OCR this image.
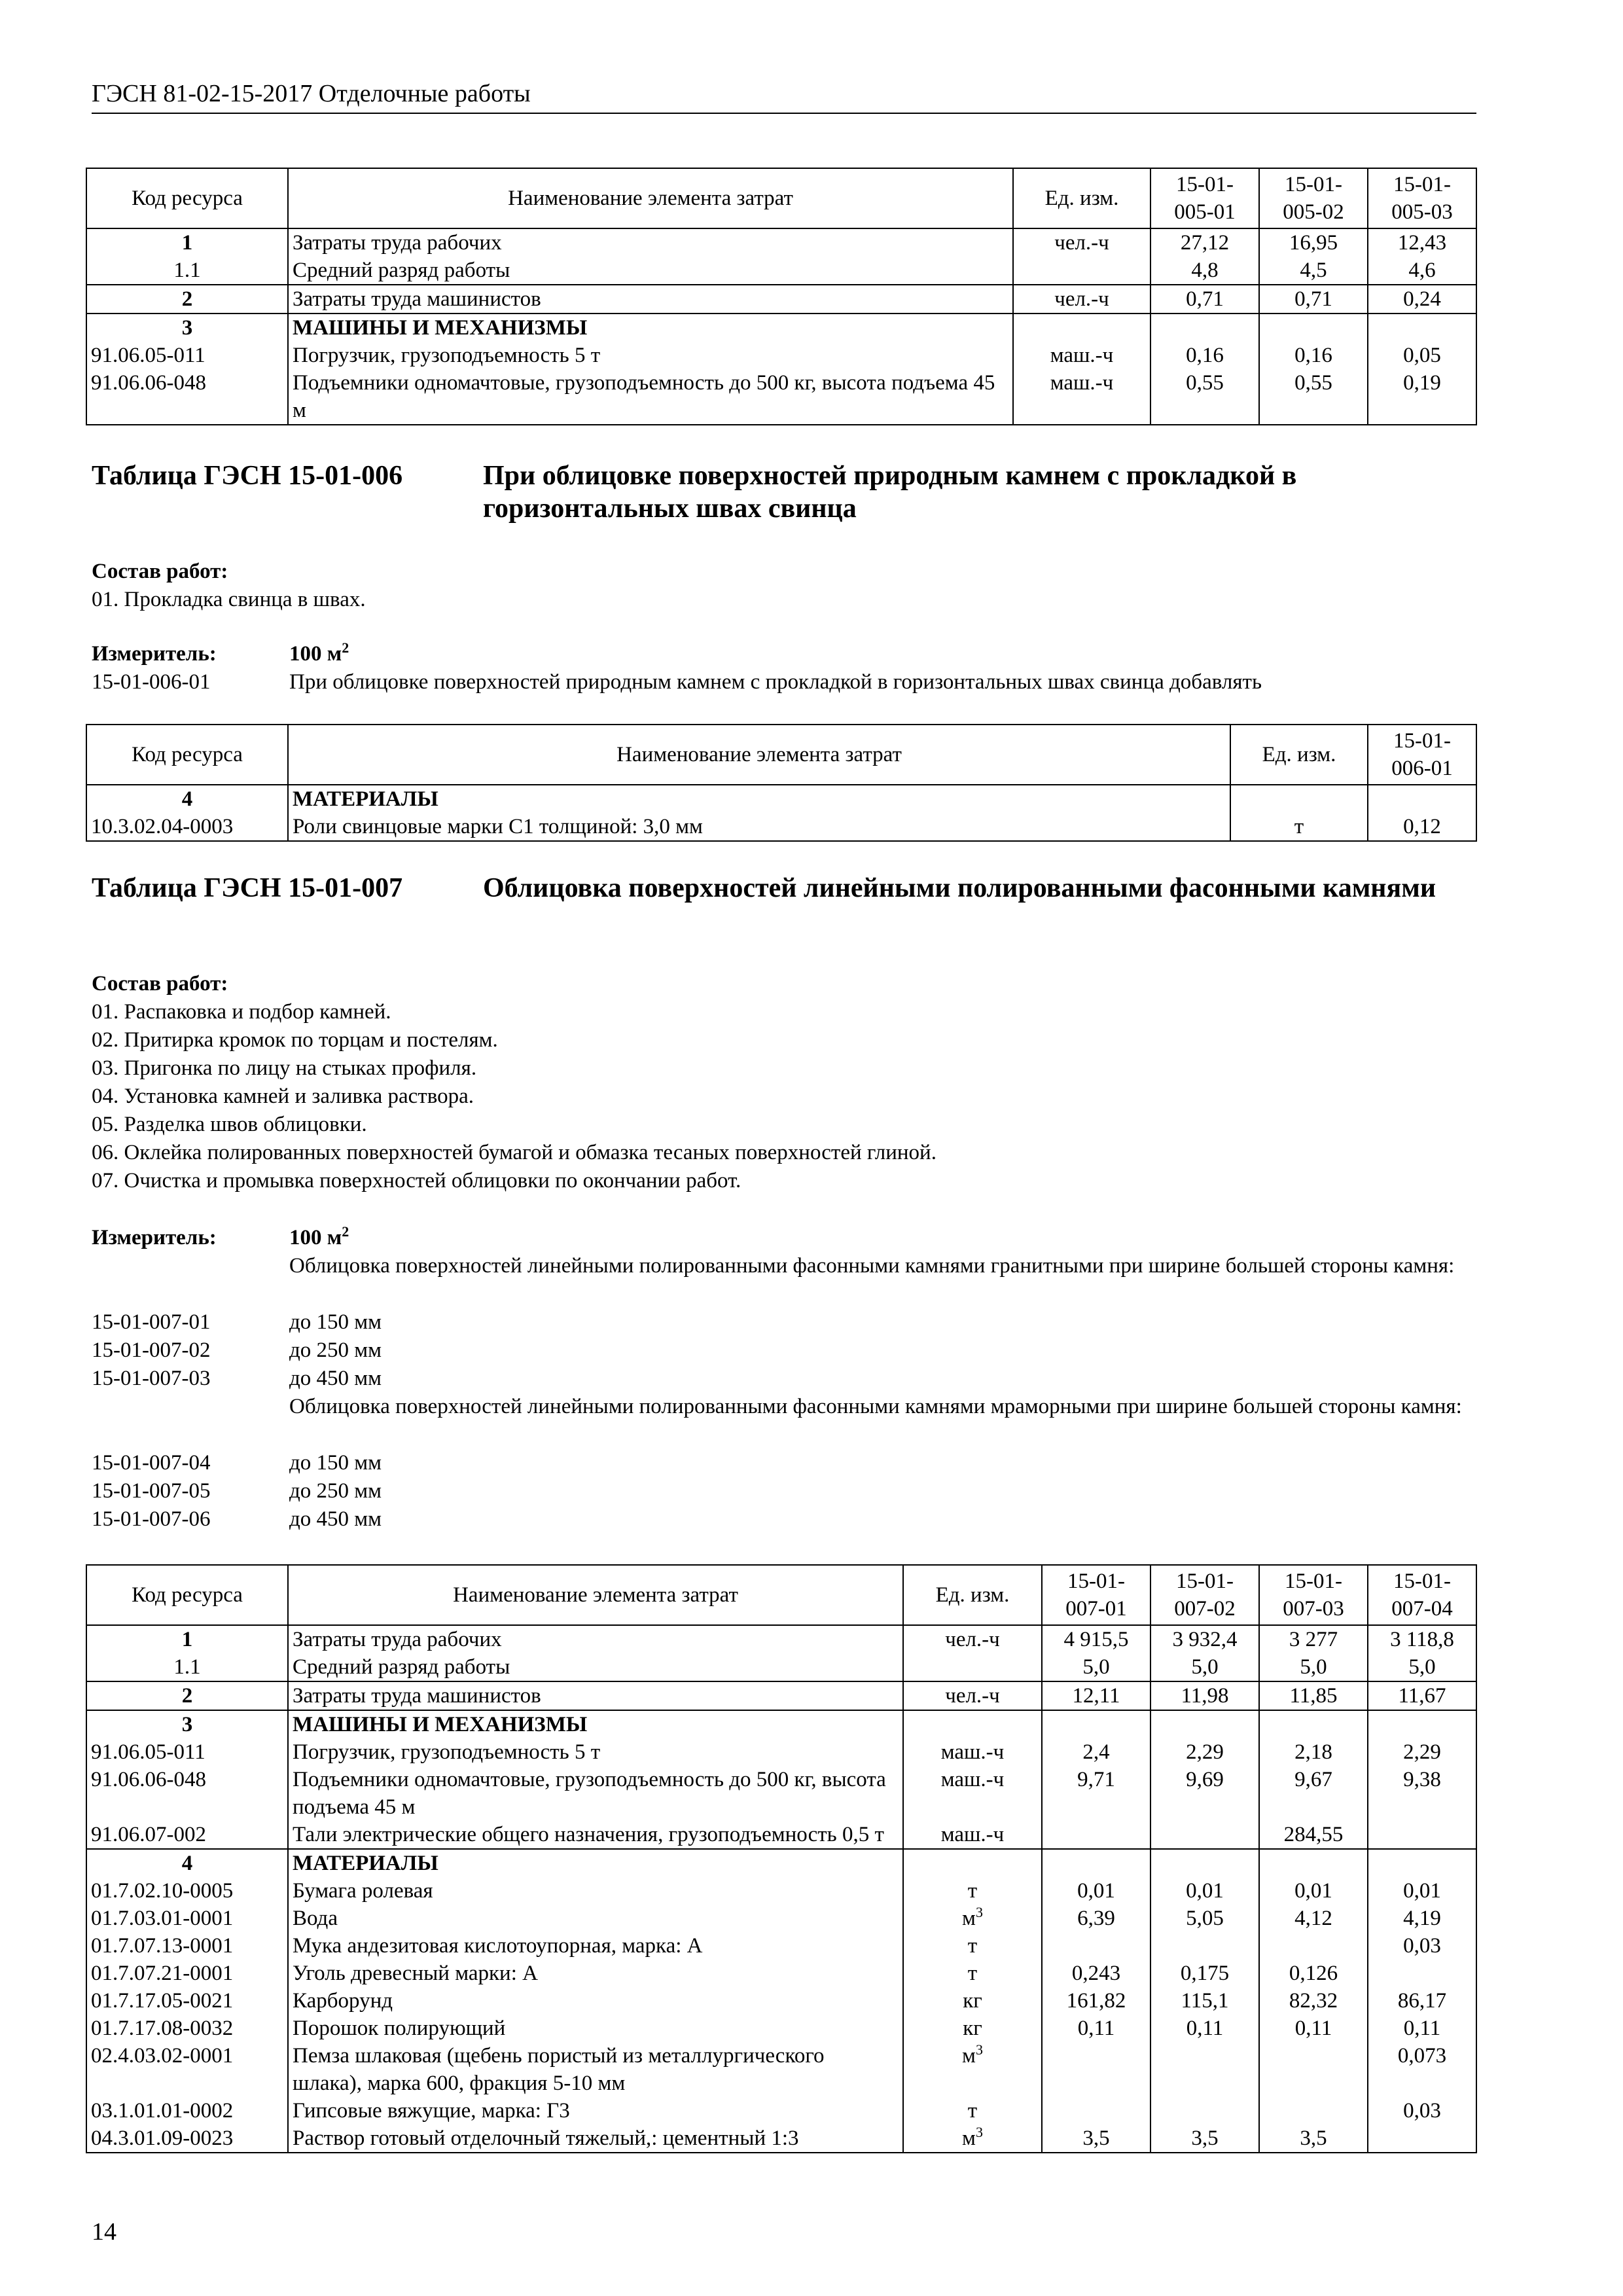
ГЭСН 81-02-15-2017 Отделочные работы
Код ресурса	Наименование элемента затрат	Ед. изм.	15-01-005-01	15-01-005-02	15-01-005-03

1	Затраты труда рабочих	чел.-ч	27,12	16,95	12,43
1.1	Средний разряд работы		4,8	4,5	4,6
2	Затраты труда машинистов	чел.-ч	0,71	0,71	0,24
3	МАШИНЫ И МЕХАНИЗМЫ				
91.06.05-011	Погрузчик, грузоподъемность 5 т	маш.-ч	0,16	0,16	0,05
91.06.06-048	Подъемники одномачтовые, грузоподъемность до 500 кг, высота подъема 45 м	маш.-ч	0,55	0,55	0,19
Таблица ГЭСН 15-01-006	При облицовке поверхностей природным камнем с прокладкой в горизонтальных швах свинца
Состав работ:
01. Прокладка свинца в швах.
Измеритель:	100 $м^2$
15-01-006-01	При облицовке поверхностей природным камнем с прокладкой в горизонтальных швах свинца добавлять
Код ресурса	Наименование элемента затрат	Ед. изм.	15-01-006-01

4	МАТЕРИАЛЫ		
10.3.02.04-0003	Роли свинцовые марки С1 толщиной: 3,0 мм	т	0,12
Таблица ГЭСН 15-01-007	Облицовка поверхностей линейными полированными фасонными камнями
Состав работ:
01. Распаковка и подбор камней.
02. Притирка кромок по торцам и постелям.
03. Пригонка по лицу на стыках профиля.
04. Установка камней и заливка раствора.
05. Разделка швов облицовки.
06. Оклейка полированных поверхностей бумагой и обмазка тесаных поверхностей глиной.
07. Очистка и промывка поверхностей облицовки по окончании работ.
Измеритель:	100 $м^2$
Облицовка поверхностей линейными полированными фасонными камнями гранитными при ширине большей стороны камня:
15-01-007-01	до 150 мм
15-01-007-02	до 250 мм
15-01-007-03	до 450 мм
Облицовка поверхностей линейными полированными фасонными камнями мраморными при ширине большей стороны камня:
15-01-007-04	до 150 мм
15-01-007-05	до 250 мм
15-01-007-06	до 450 мм
Код ресурса	Наименование элемента затрат	Ед. изм.	15-01-007-01	15-01-007-02	15-01-007-03	15-01-007-04

1	Затраты труда рабочих	чел.-ч	4 915,5	3 932,4	3 277	3 118,8
1.1	Средний разряд работы		5,0	5,0	5,0	5,0
2	Затраты труда машинистов	чел.-ч	12,11	11,98	11,85	11,67
3	МАШИНЫ И МЕХАНИЗМЫ					
91.06.05-011	Погрузчик, грузоподъемность 5 т	маш.-ч	2,4	2,29	2,18	2,29
91.06.06-048	Подъемники одномачтовые, грузоподъемность до 500 кг, высота подъема 45 м	маш.-ч	9,71	9,69	9,67	9,38
91.06.07-002	Тали электрические общего назначения, грузоподъемность 0,5 т	маш.-ч			284,55	
4	МАТЕРИАЛЫ					
01.7.02.10-0005	Бумага ролевая	т	0,01	0,01	0,01	0,01
01.7.03.01-0001	Вода	$м^3$	6,39	5,05	4,12	4,19
01.7.07.13-0001	Мука андезитовая кислотоупорная, марка: А	т				0,03
01.7.07.21-0001	Уголь древесный марки: А	т	0,243	0,175	0,126	
01.7.17.05-0021	Карборунд	кг	161,82	115,1	82,32	86,17
01.7.17.08-0032	Порошок полирующий	кг	0,11	0,11	0,11	0,11
02.4.03.02-0001	Пемза шлаковая (щебень пористый из металлургического шлака), марка 600, фракция 5-10 мм	$м^3$				0,073
03.1.01.01-0002	Гипсовые вяжущие, марка: Г3	т				0,03
04.3.01.09-0023	Раствор готовый отделочный тяжелый,: цементный 1:3	$м^3$	3,5	3,5	3,5	
14
